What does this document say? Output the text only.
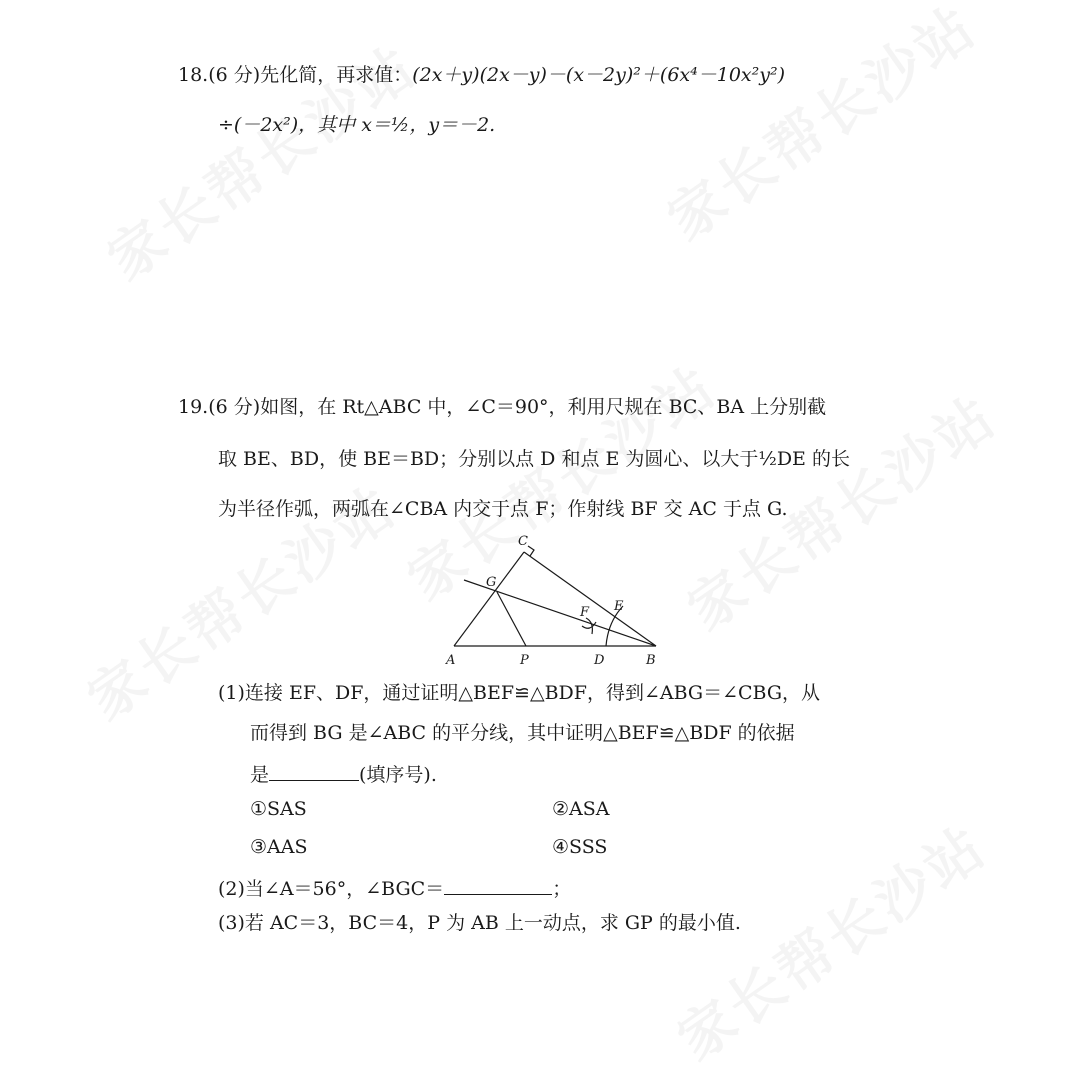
18.(6 分)先化简，再求值：(2x＋y)(2x－y)－(x－2y)²＋(6x⁴－10x²y²)
÷(－2x²)，其中 x＝½，y＝－2.
19.(6 分)如图，在 Rt△ABC 中，∠C＝90°，利用尺规在 BC、BA 上分别截
取 BE、BD，使 BE＝BD；分别以点 D 和点 E 为圆心、以大于½DE 的长
为半径作弧，两弧在∠CBA 内交于点 F；作射线 BF 交 AC 于点 G.
C
G
F E
A	P	D	B
(1)连接 EF、DF，通过证明△BEF≌△BDF，得到∠ABG＝∠CBG，从
而得到 BG 是∠ABC 的平分线，其中证明△BEF≌△BDF 的依据
是	(填序号).
①SAS	②ASA
③AAS	④SSS
(2)当∠A＝56°，∠BGC＝	；
(3)若 AC＝3，BC＝4，P 为 AB 上一动点，求 GP 的最小值.
